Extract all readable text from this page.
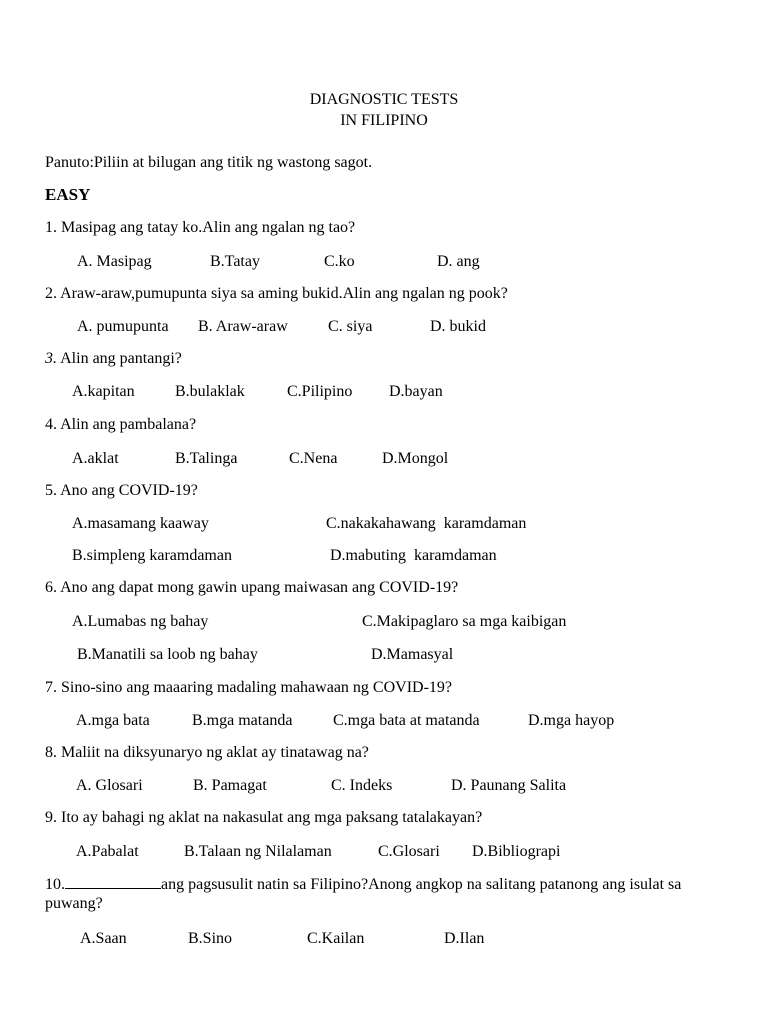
DIAGNOSTIC TESTS
IN FILIPINO
Panuto:Piliin at bilugan ang titik ng wastong sagot.
EASY
1. Masipag ang tatay ko.Alin ang ngalan ng tao?
A. Masipag	B.Tatay	C.ko	D. ang
2. Araw-araw,pumupunta siya sa aming bukid.Alin ang ngalan ng pook?
A. pumupunta B. Araw-araw	C. siya	D. bukid
3. Alin ang pantangi?
A.kapitan	B.bulaklak	C.Pilipino D.bayan
4. Alin ang pambalana?
A.aklat	B.Talinga	C.Nena	D.Mongol
5. Ano ang COVID-19?
A.masamang kaaway	C.nakakahawang  karamdaman
B.simpleng karamdaman	D.mabuting  karamdaman
6. Ano ang dapat mong gawin upang maiwasan ang COVID-19?
A.Lumabas ng bahay	C.Makipaglaro sa mga kaibigan
B.Manatili sa loob ng bahay	D.Mamasyal
7. Sino-sino ang maaaring madaling mahawaan ng COVID-19?
A.mga bata	B.mga matanda	C.mga bata at matanda	D.mga hayop
8. Maliit na diksyunaryo ng aklat ay tinatawag na?
A. Glosari	B. Pamagat	C. Indeks	D. Paunang Salita
9. Ito ay bahagi ng aklat na nakasulat ang mga paksang tatalakayan?
A.Pabalat	B.Talaan ng Nilalaman	C.Glosari D.Bibliograpi
10.	ang pagsusulit natin sa Filipino?Anong angkop na salitang patanong ang isulat sa puwang?
A.Saan	B.Sino	C.Kailan	D.Ilan
